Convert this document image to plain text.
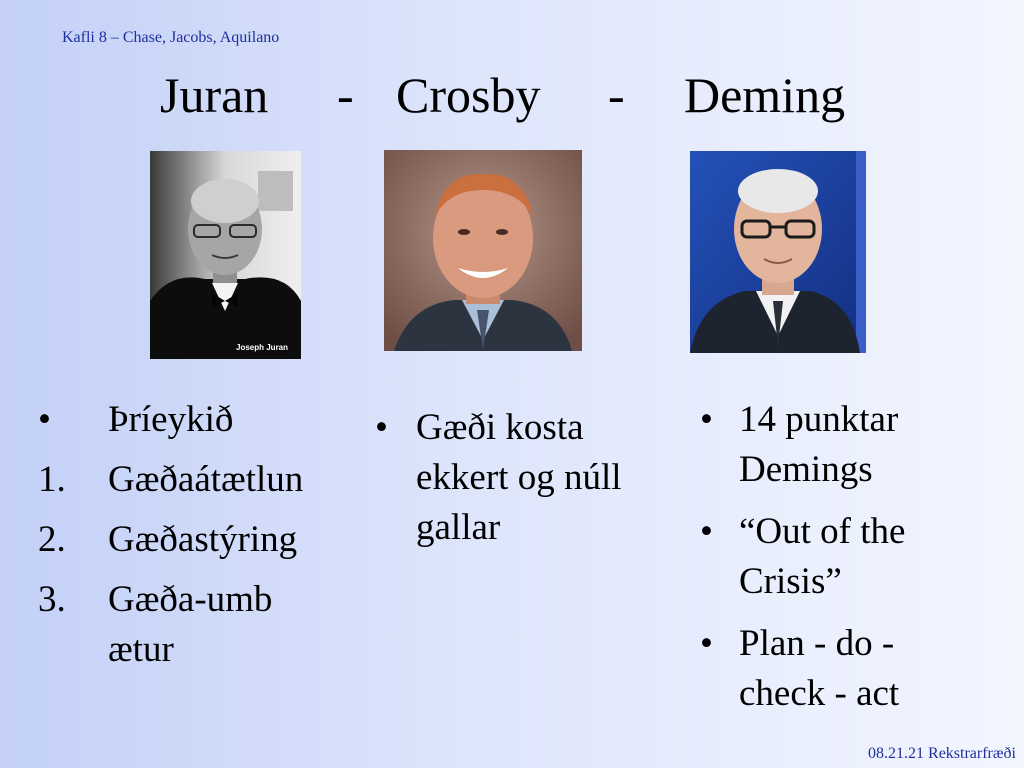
Kafli 8 – Chase, Jacobs, Aquilano
Juran - Crosby - Deming
Joseph Juran
• Þríeykið
1. Gæðaátætlun
2. Gæðastýring
3. Gæða-umbætur
• Gæði kosta ekkert og núll gallar
• 14 punktar Demings
• “Out of the Crisis”
• Plan - do - check - act
08.21.21 Rekstrarfræði
